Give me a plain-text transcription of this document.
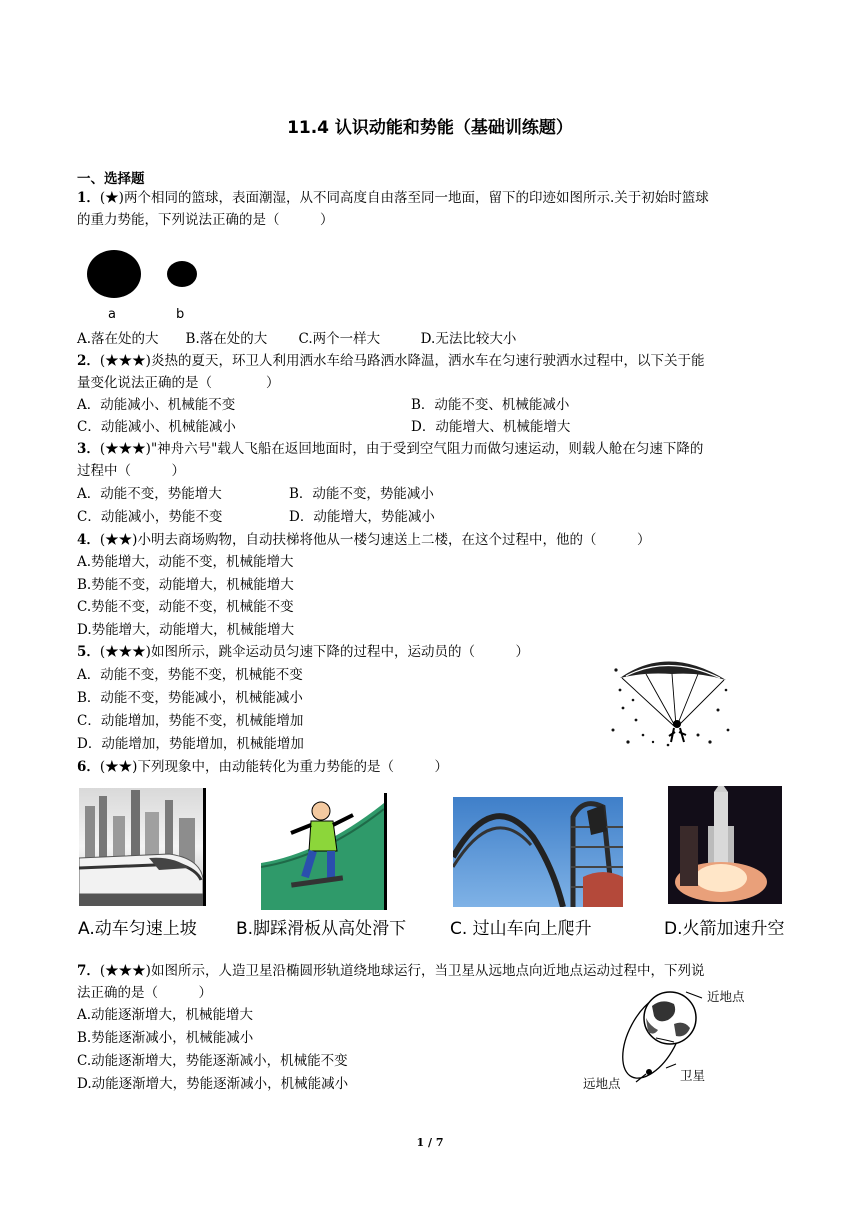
11.4 认识动能和势能（基础训练题）
一、选择题
1．(★)两个相同的篮球，表面潮湿，从不同高度自由落至同一地面，留下的印迹如图所示.关于初始时篮球
的重力势能，下列说法正确的是（　　　）
a	b
A.落在处的大　　B.落在处的大　　 C.两个一样大　　　D.无法比较大小
2．(★★★)炎热的夏天，环卫人利用洒水车给马路洒水降温，洒水车在匀速行驶洒水过程中，以下关于能
量变化说法正确的是（　　　　）
A．动能减小、机械能不变	B．动能不变、机械能减小
C．动能减小、机械能减小	D．动能增大、机械能增大
3．(★★★)"神舟六号"载人飞船在返回地面时，由于受到空气阻力而做匀速运动，则载人舱在匀速下降的
过程中（　　　）
A．动能不变，势能增大	B．动能不变，势能减小
C．动能减小，势能不变	D．动能增大，势能减小
4．(★★)小明去商场购物，自动扶梯将他从一楼匀速送上二楼，在这个过程中，他的（　　　）
A.势能增大，动能不变，机械能增大
B.势能不变，动能增大，机械能增大
C.势能不变，动能不变，机械能不变
D.势能增大，动能增大，机械能增大
5．(★★★)如图所示，跳伞运动员匀速下降的过程中，运动员的（　　　）
A．动能不变，势能不变，机械能不变
B．动能不变，势能减小，机械能减小
C．动能增加，势能不变，机械能增加
D．动能增加，势能增加，机械能增加
6．(★★)下列现象中，由动能转化为重力势能的是（　　　）
A.动车匀速上坡 B.脚踩滑板从高处滑下	C. 过山车向上爬升	D.火箭加速升空
7．(★★★)如图所示，人造卫星沿椭圆形轨道绕地球运行，当卫星从远地点向近地点运动过程中，下列说
法正确的是（　　　）
A.动能逐渐增大，机械能增大
B.势能逐渐减小，机械能减小
C.动能逐渐增大，势能逐渐减小，机械能不变
D.动能逐渐增大，势能逐渐减小，机械能减小
近地点
卫星
远地点
1 / 7
